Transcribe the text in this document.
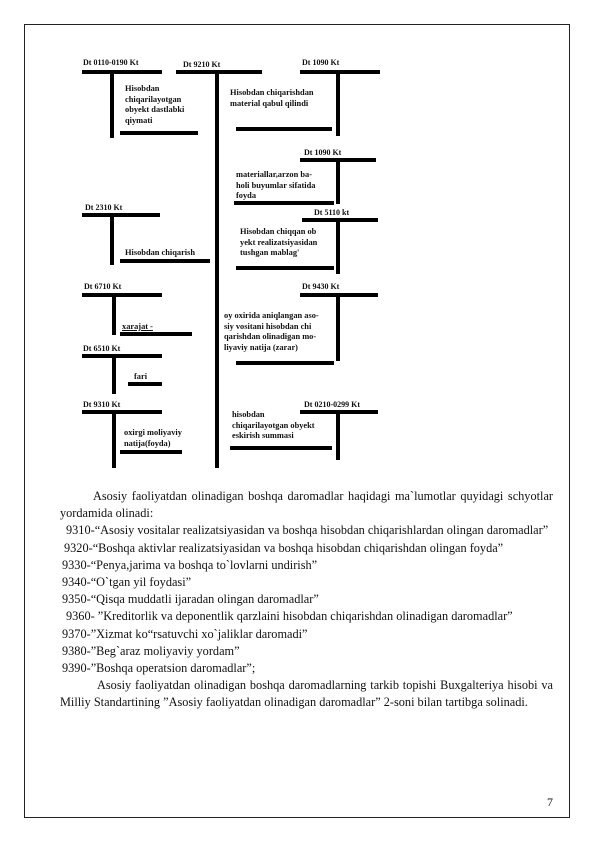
Dt 0110-0190 Kt
Hisobdan
chiqarilayotgan
obyekt dastlabki
qiymati
Dt 2310 Kt
Hisobdan chiqarish
Dt 6710 Kt
xarajat -
Dt 6510 Kt
fari
Dt 9310 Kt
oxirgi moliyaviy
natija(foyda)
Dt 9210 Kt	Dt 1090 Kt
Hisobdan chiqarishdan
material qabul qilindi
Dt 1090 Kt
materiallar,arzon ba-
holi buyumlar sifatida
foyda
Dt 5110 kt
Hisobdan chiqqan ob
yekt realizatsiyasidan
tushgan mablag'
Dt 9430 Kt
oy oxirida aniqlangan aso-
siy vositani hisobdan chi
qarishdan olinadigan mo-
liyaviy natija (zarar)
Dt 0210-0299 Kt
hisobdan
chiqarilayotgan obyekt
eskirish summasi

Asosiy faoliyatdan olinadigan boshqa daromadlar haqidagi ma`lumotlar quyidagi schyotlar yordamida olinadi:

9310-“Asosiy vositalar realizatsiyasidan va boshqa hisobdan chiqarishlardan olingan daromadlar”

9320-“Boshqa aktivlar realizatsiyasidan va boshqa hisobdan chiqarishdan olingan foyda”

9330-“Penya,jarima va boshqa to`lovlarni undirish”

9340-“O`tgan yil foydasi”

9350-“Qisqa muddatli ijaradan olingan daromadlar”

9360- ”Kreditorlik va deponentlik qarzlaini hisobdan chiqarishdan olinadigan daromadlar”

9370-”Xizmat ko“rsatuvchi xo`jaliklar daromadi”

9380-”Beg`araz moliyaviy yordam”

9390-”Boshqa operatsion daromadlar”;

Asosiy faoliyatdan olinadigan boshqa daromadlarning tarkib topishi Buxgalteriya hisobi va Milliy Standartining ”Asosiy faoliyatdan olinadigan daromadlar” 2-soni bilan tartibga solinadi.

7
